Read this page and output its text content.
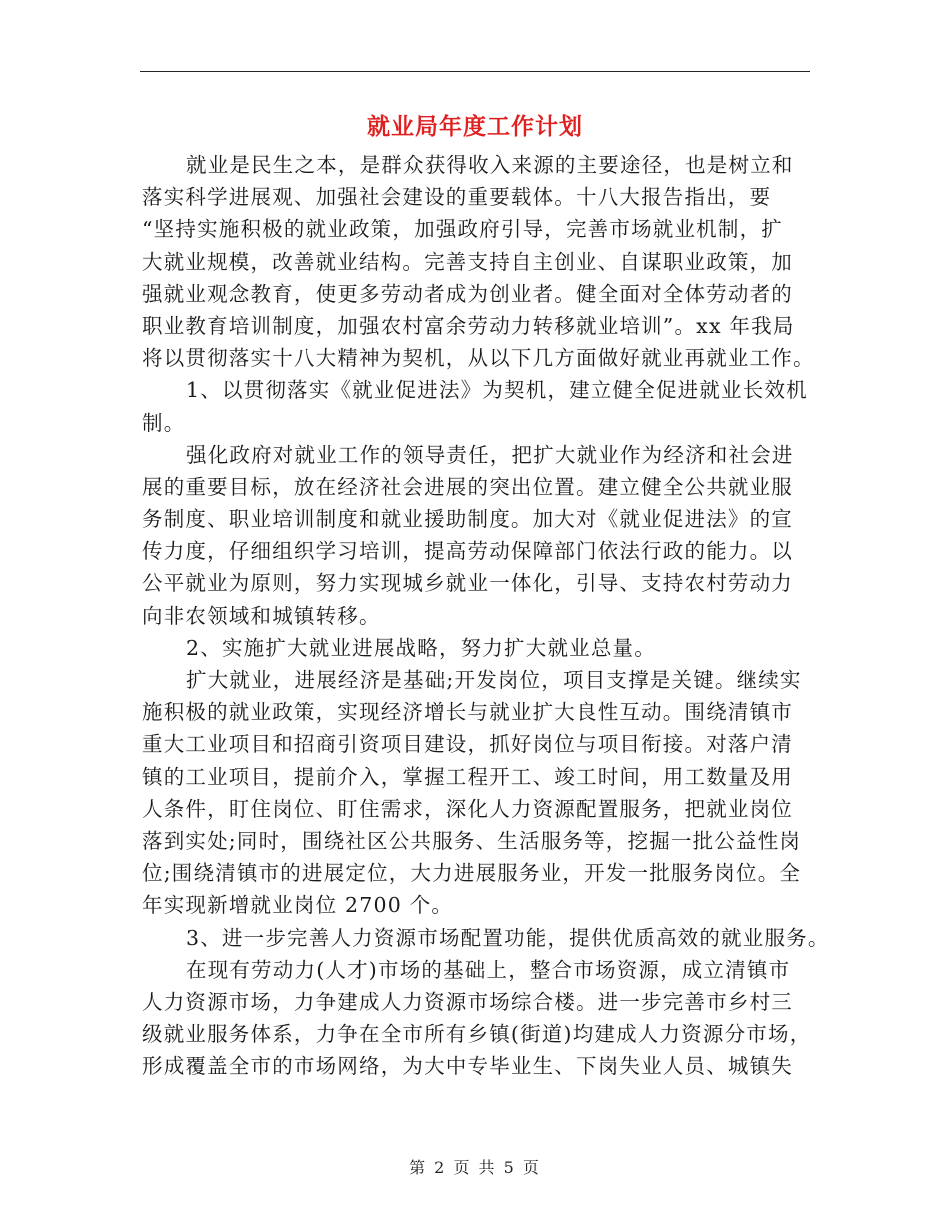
就业局年度工作计划
就业是民生之本，是群众获得收入来源的主要途径，也是树立和
落实科学进展观、加强社会建设的重要载体。十八大报告指出，要
“坚持实施积极的就业政策，加强政府引导，完善市场就业机制，扩
大就业规模，改善就业结构。完善支持自主创业、自谋职业政策，加
强就业观念教育，使更多劳动者成为创业者。健全面对全体劳动者的
职业教育培训制度，加强农村富余劳动力转移就业培训”。xx 年我局
将以贯彻落实十八大精神为契机，从以下几方面做好就业再就业工作。
1、以贯彻落实《就业促进法》为契机，建立健全促进就业长效机
制。
强化政府对就业工作的领导责任，把扩大就业作为经济和社会进
展的重要目标，放在经济社会进展的突出位置。建立健全公共就业服
务制度、职业培训制度和就业援助制度。加大对《就业促进法》的宣
传力度，仔细组织学习培训，提高劳动保障部门依法行政的能力。以
公平就业为原则，努力实现城乡就业一体化，引导、支持农村劳动力
向非农领域和城镇转移。
2、实施扩大就业进展战略，努力扩大就业总量。
扩大就业，进展经济是基础;开发岗位，项目支撑是关键。继续实
施积极的就业政策，实现经济增长与就业扩大良性互动。围绕清镇市
重大工业项目和招商引资项目建设，抓好岗位与项目衔接。对落户清
镇的工业项目，提前介入，掌握工程开工、竣工时间，用工数量及用
人条件，盯住岗位、盯住需求，深化人力资源配置服务，把就业岗位
落到实处;同时，围绕社区公共服务、生活服务等，挖掘一批公益性岗
位;围绕清镇市的进展定位，大力进展服务业，开发一批服务岗位。全
年实现新增就业岗位 2700 个。
3、进一步完善人力资源市场配置功能，提供优质高效的就业服务。
在现有劳动力(人才)市场的基础上，整合市场资源，成立清镇市
人力资源市场，力争建成人力资源市场综合楼。进一步完善市乡村三
级就业服务体系，力争在全市所有乡镇(街道)均建成人力资源分市场，
形成覆盖全市的市场网络，为大中专毕业生、下岗失业人员、城镇失
第 2 页 共 5 页
